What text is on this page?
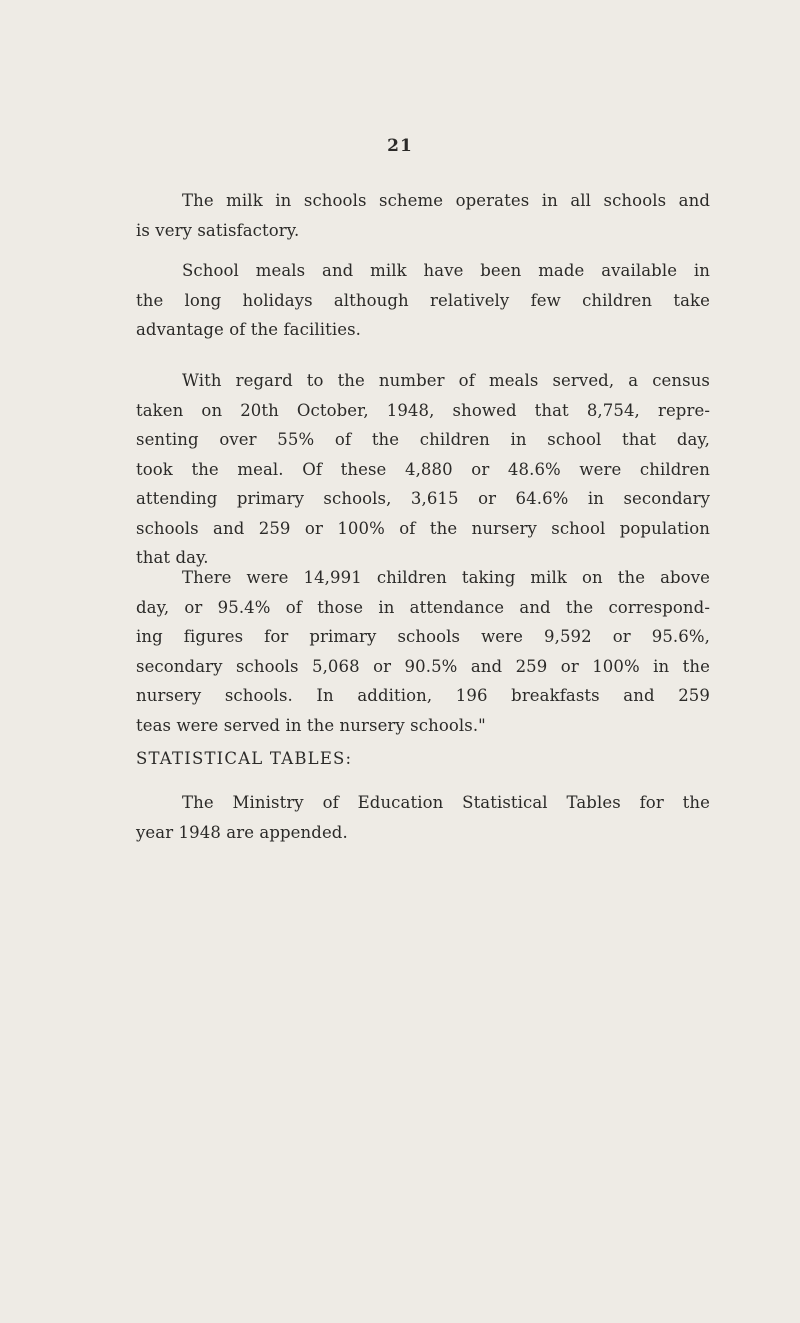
21
The milk in schools scheme operates in all schools and
is very satisfactory.
School meals and milk have been made available in
the long holidays although relatively few children take
advantage of the facilities.
With regard to the number of meals served, a census
taken on 20th October, 1948, showed that 8,754, repre-
senting over 55% of the children in school that day,
took the meal. Of these 4,880 or 48.6% were children
attending primary schools, 3,615 or 64.6% in secondary
schools and 259 or 100% of the nursery school population
that day.
There were 14,991 children taking milk on the above
day, or 95.4% of those in attendance and the correspond-
ing figures for primary schools were 9,592 or 95.6%,
secondary schools 5,068 or 90.5% and 259 or 100% in the
nursery schools. In addition, 196 breakfasts and 259
teas were served in the nursery schools."
STATISTICAL TABLES:
The Ministry of Education Statistical Tables for the
year 1948 are appended.
